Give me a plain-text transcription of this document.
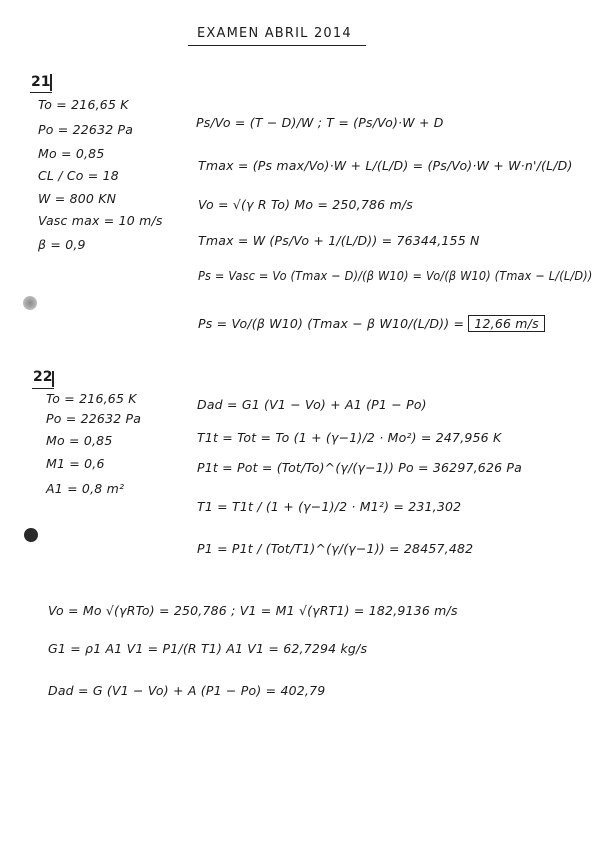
EXAMEN ABRIL 2014
21
To = 216,65 K
Po = 22632 Pa
Mo = 0,85
CL / Co = 18
W = 800 KN
Vasc max = 10 m/s
β = 0,9
Ps/Vo = (T − D)/W ; T = (Ps/Vo)·W + D
Tmax = (Ps max/Vo)·W + L/(L/D) = (Ps/Vo)·W + W·n'/(L/D)
Vo = √(γ R To) Mo = 250,786 m/s
Tmax = W (Ps/Vo + 1/(L/D)) = 76344,155 N
Ps = Vasc = Vo (Tmax − D)/(β W10) = Vo/(β W10) (Tmax − L/(L/D))
Ps = Vo/(β W10) (Tmax − β W10/(L/D)) = 12,66 m/s
22
To = 216,65 K
Po = 22632 Pa
Mo = 0,85
M1 = 0,6
A1 = 0,8 m²
Dad = G1 (V1 − Vo) + A1 (P1 − Po)
T1t = Tot = To (1 + (γ−1)/2 · Mo²) = 247,956 K
P1t = Pot = (Tot/To)^(γ/(γ−1)) Po = 36297,626 Pa
T1 = T1t / (1 + (γ−1)/2 · M1²) = 231,302
P1 = P1t / (Tot/T1)^(γ/(γ−1)) = 28457,482
Vo = Mo √(γRTo) = 250,786 ; V1 = M1 √(γRT1) = 182,9136 m/s
G1 = ρ1 A1 V1 = P1/(R T1) A1 V1 = 62,7294 kg/s
Dad = G (V1 − Vo) + A (P1 − Po) = 402,79
